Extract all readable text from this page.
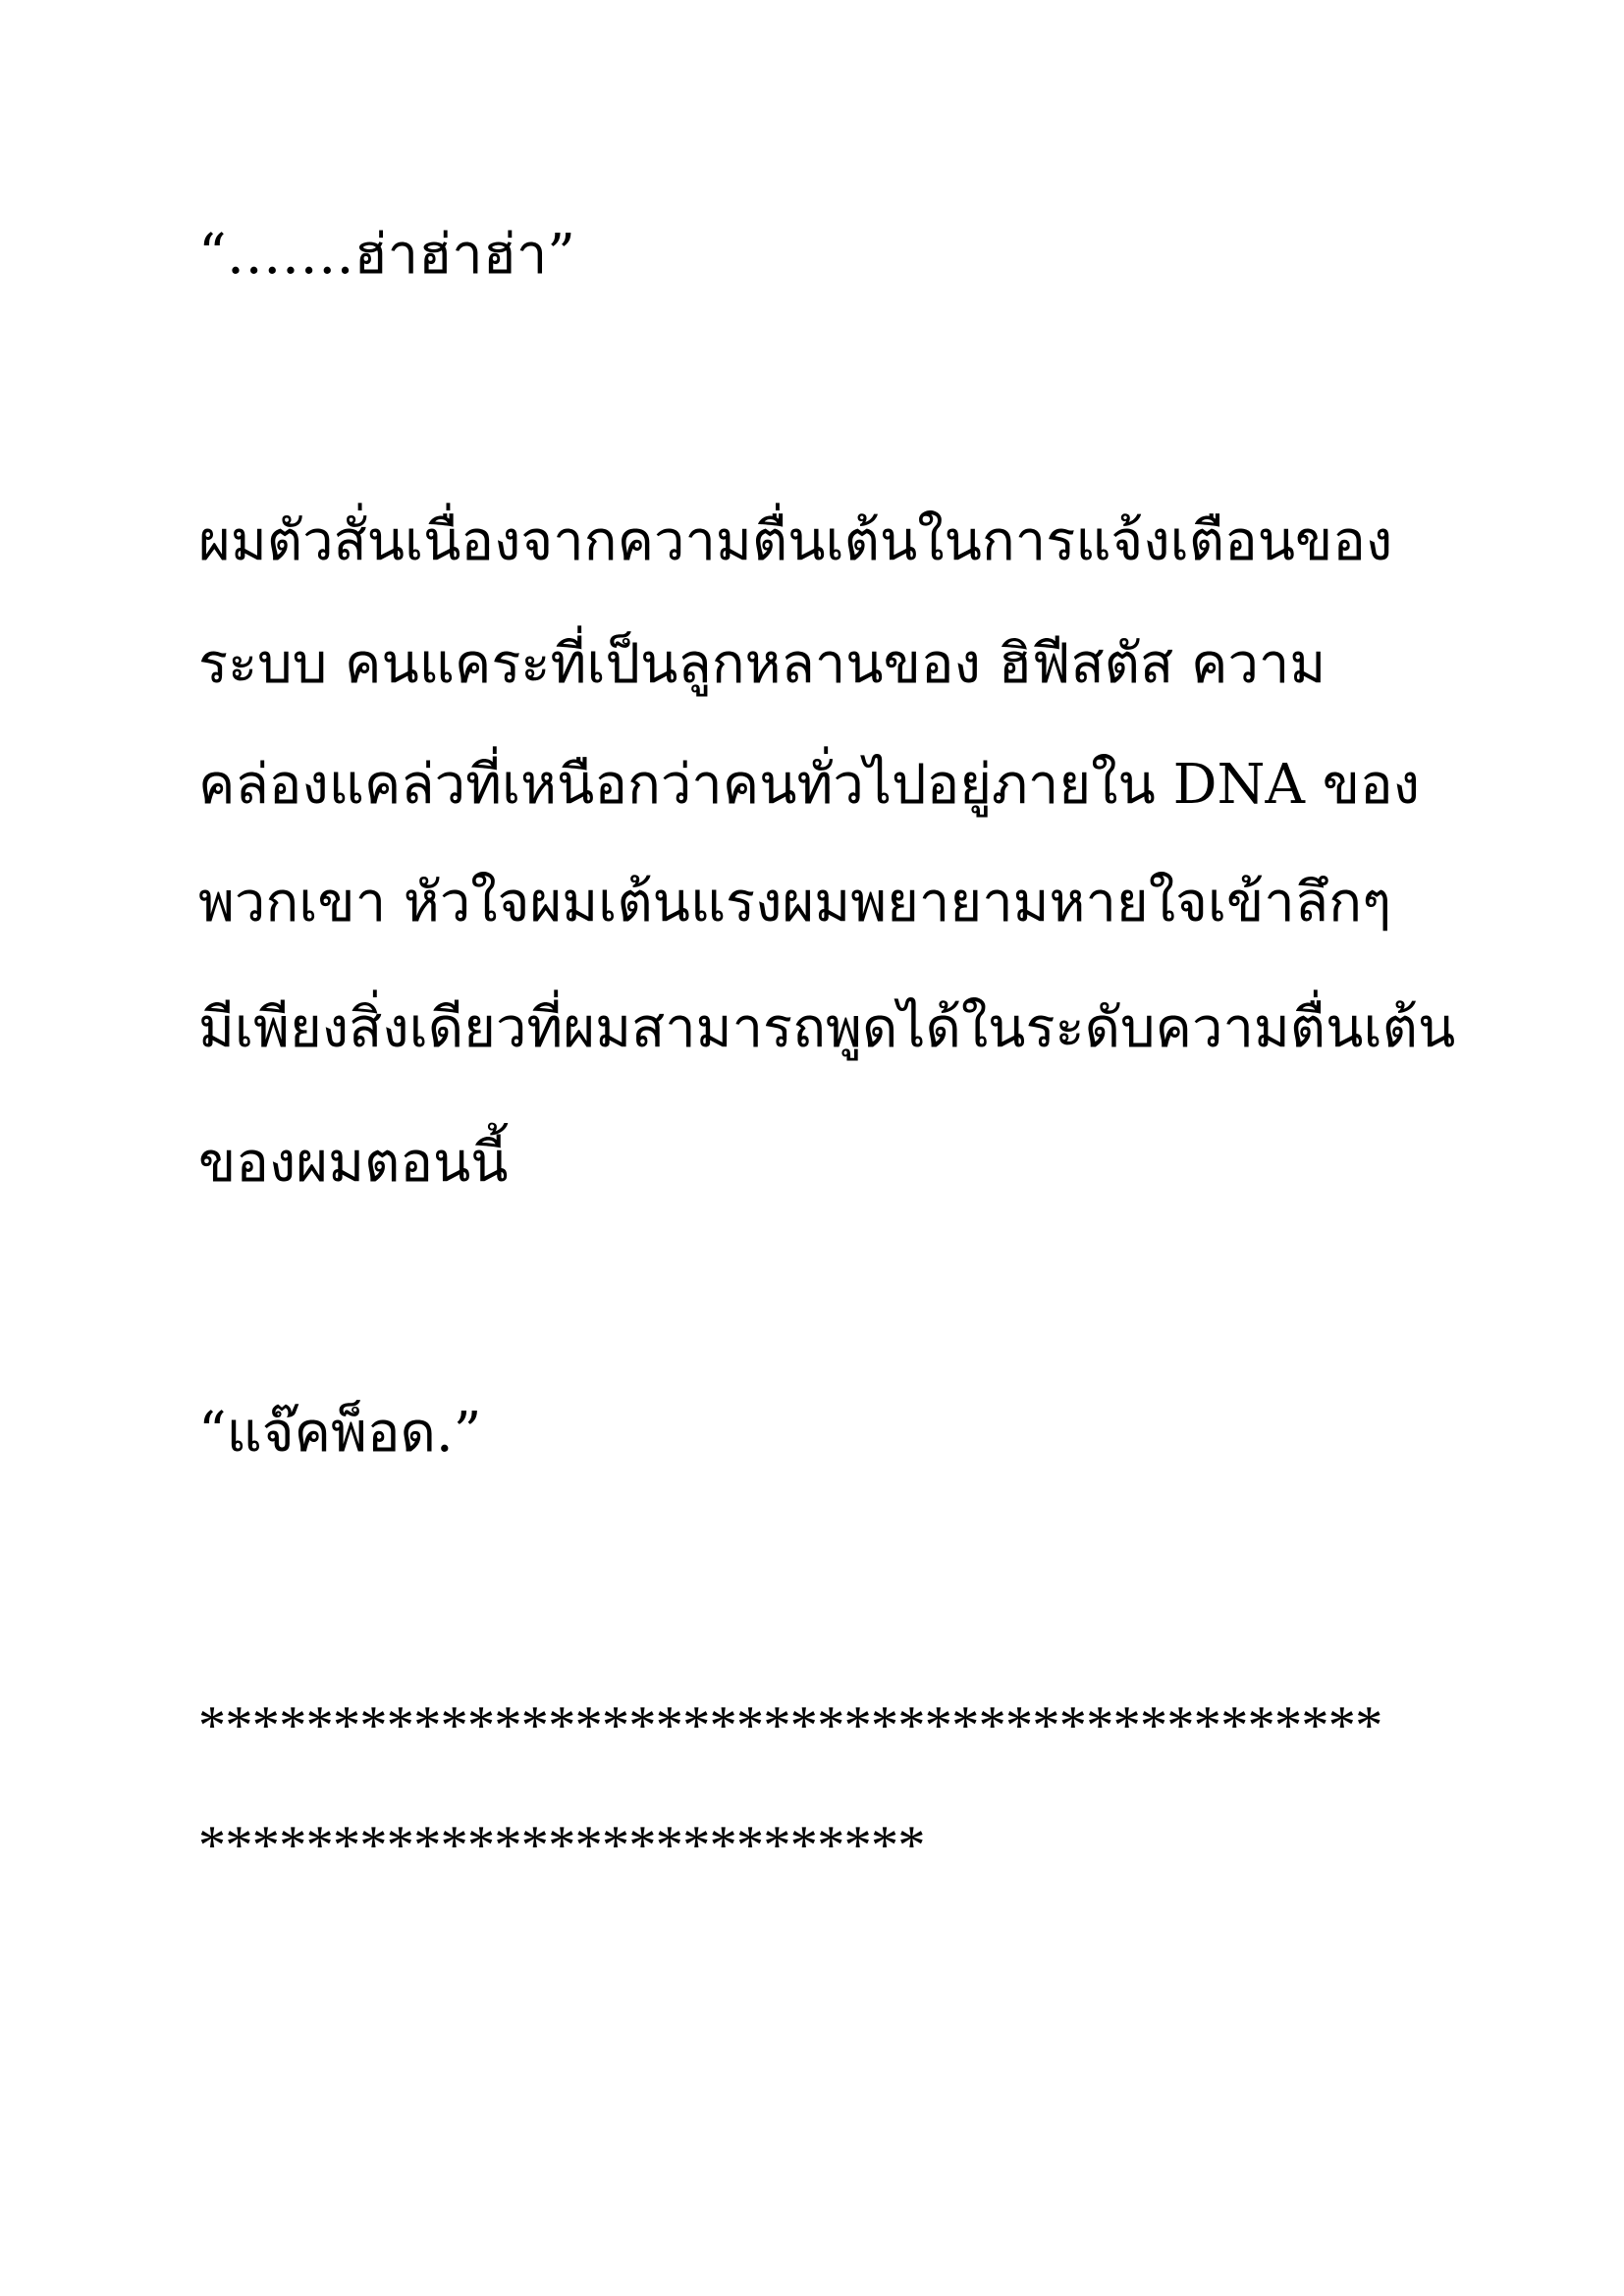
“…….ฮ่าฮ่าฮ่า”
ผมตัวสั่นเนื่องจากความตื่นเต้นในการแจ้งเตือนของ
ระบบ คนแคระที่เป็นลูกหลานของ ฮิฟีสตัส ความ
คล่องแคล่วที่เหนือกว่าคนทั่วไปอยู่ภายใน DNA ของ
พวกเขา หัวใจผมเต้นแรงผมพยายามหายใจเข้าลึกๆ
มีเพียงสิ่งเดียวที่ผมสามารถพูดได้ในระดับความตื่นเต้น
ของผมตอนนี้
“แจ๊คพ็อด.”
********************************************
***************************
